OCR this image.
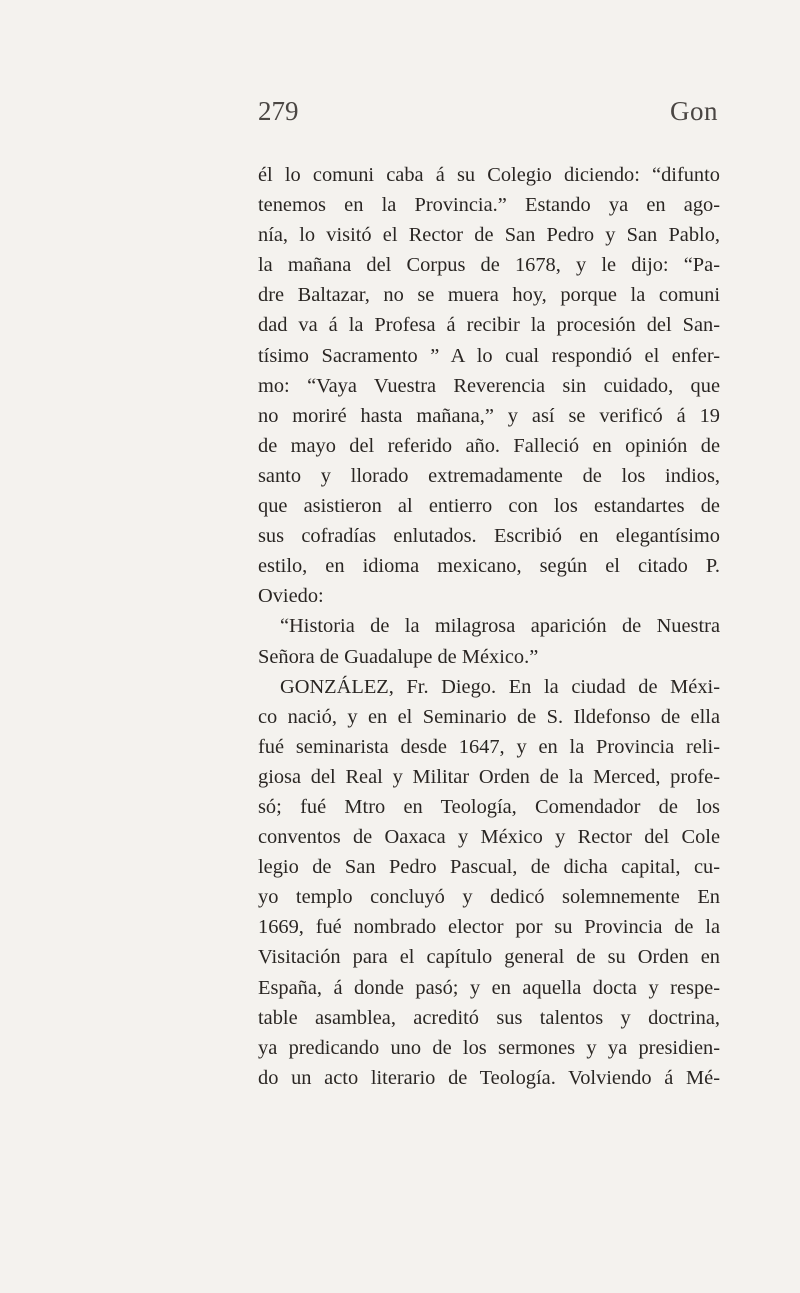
279	Gon
él lo comuni caba á su Colegio diciendo: “difunto
tenemos en la Provincia.” Estando ya en ago-
nía, lo visitó el Rector de San Pedro y San Pablo,
la mañana del Corpus de 1678, y le dijo: “Pa-
dre Baltazar, no se muera hoy, porque la comuni
dad va á la Profesa á recibir la procesión del San-
tísimo Sacramento ” A lo cual respondió el enfer-
mo: “Vaya Vuestra Reverencia sin cuidado, que
no moriré hasta mañana,” y así se verificó á 19
de mayo del referido año. Falleció en opinión de
santo y llorado extremadamente de los indios,
que asistieron al entierro con los estandartes de
sus cofradías enlutados. Escribió en elegantísimo
estilo, en idioma mexicano, según el citado P.
Oviedo:
“Historia de la milagrosa aparición de Nuestra
Señora de Guadalupe de México.”
GONZÁLEZ, Fr. Diego. En la ciudad de Méxi-
co nació, y en el Seminario de S. Ildefonso de ella
fué seminarista desde 1647, y en la Provincia reli-
giosa del Real y Militar Orden de la Merced, profe-
só; fué Mtro en Teología, Comendador de los
conventos de Oaxaca y México y Rector del Cole
legio de San Pedro Pascual, de dicha capital, cu-
yo templo concluyó y dedicó solemnemente En
1669, fué nombrado elector por su Provincia de la
Visitación para el capítulo general de su Orden en
España, á donde pasó; y en aquella docta y respe-
table asamblea, acreditó sus talentos y doctrina,
ya predicando uno de los sermones y ya presidien-
do un acto literario de Teología. Volviendo á Mé-
